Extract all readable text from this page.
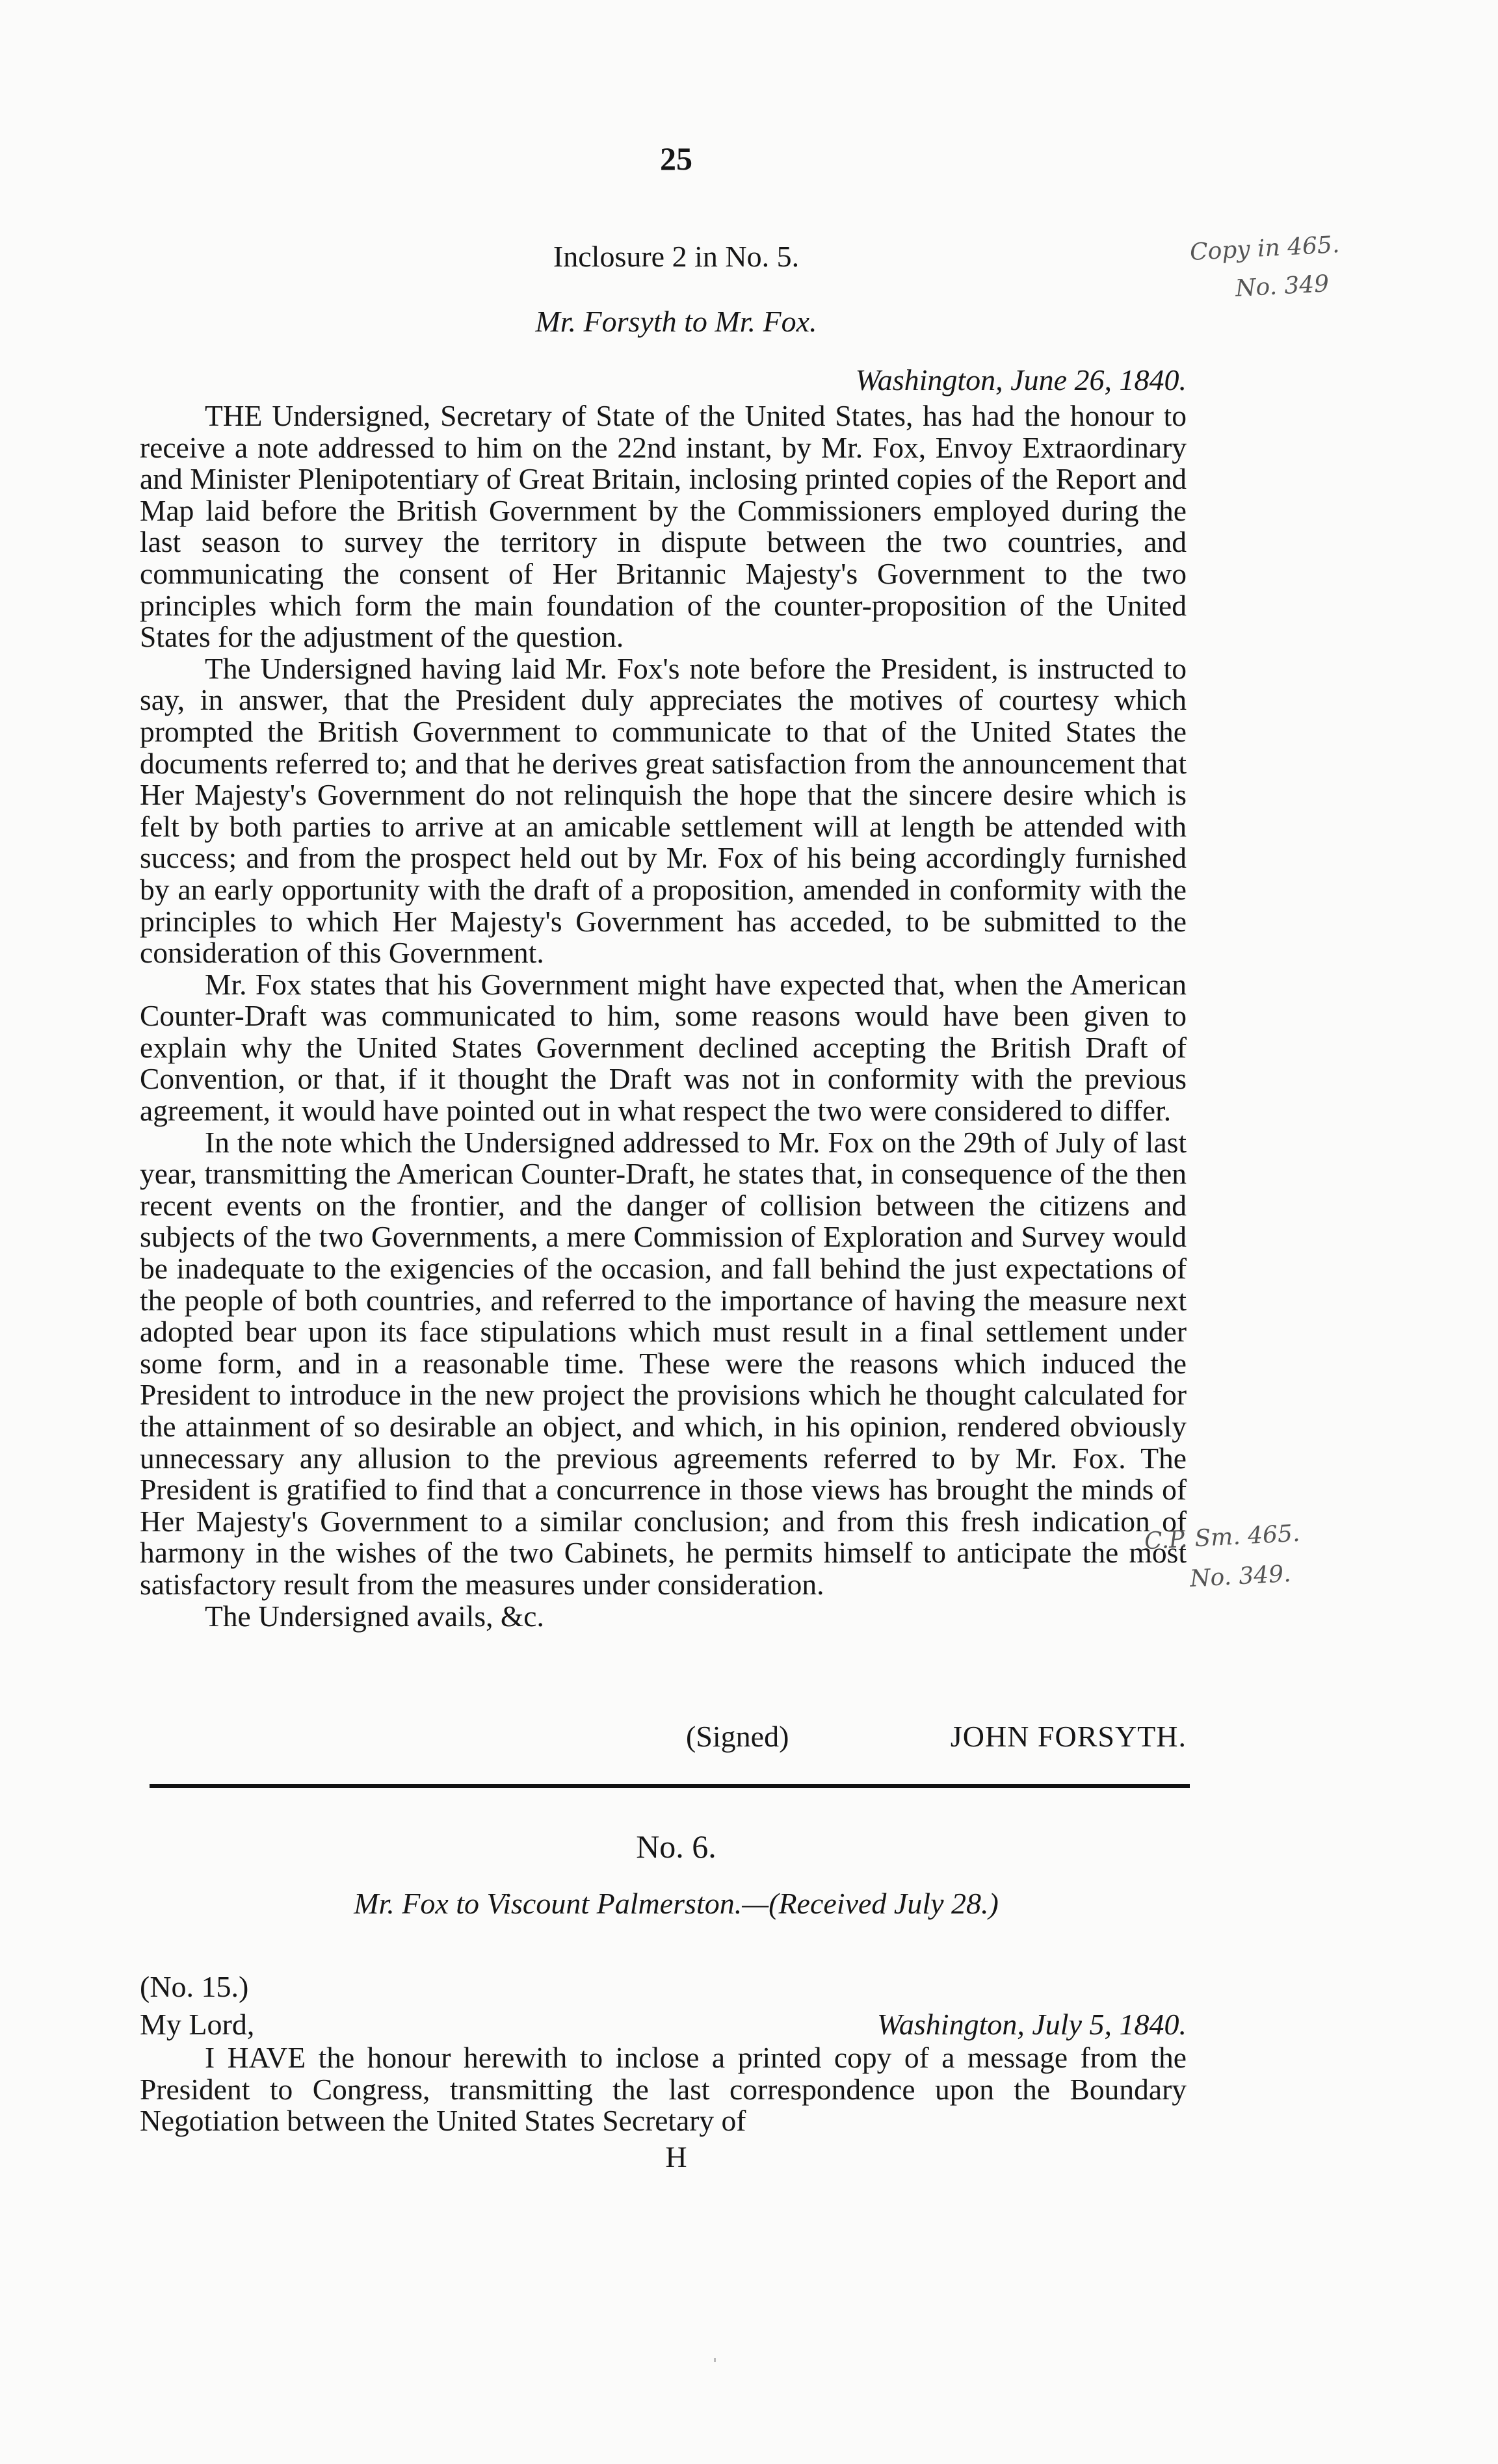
25
Copy in 465.
No. 349
Inclosure 2 in No. 5.
Mr. Forsyth to Mr. Fox.
Washington, June 26, 1840.

THE Undersigned, Secretary of State of the United States, has had the honour to receive a note addressed to him on the 22nd instant, by Mr. Fox, Envoy Extraordinary and Minister Plenipotentiary of Great Britain, inclosing printed copies of the Report and Map laid before the British Government by the Commissioners employed during the last season to survey the territory in dispute between the two countries, and communicating the consent of Her Britannic Majesty's Government to the two principles which form the main foundation of the counter-proposition of the United States for the adjustment of the question.

The Undersigned having laid Mr. Fox's note before the President, is instructed to say, in answer, that the President duly appreciates the motives of courtesy which prompted the British Government to communicate to that of the United States the documents referred to; and that he derives great satisfaction from the announcement that Her Majesty's Government do not relinquish the hope that the sincere desire which is felt by both parties to arrive at an amicable settlement will at length be attended with success; and from the prospect held out by Mr. Fox of his being accordingly furnished by an early opportunity with the draft of a proposition, amended in conformity with the principles to which Her Majesty's Government has acceded, to be submitted to the consideration of this Government.

Mr. Fox states that his Government might have expected that, when the American Counter-Draft was communicated to him, some reasons would have been given to explain why the United States Government declined accepting the British Draft of Convention, or that, if it thought the Draft was not in conformity with the previous agreement, it would have pointed out in what respect the two were considered to differ.

In the note which the Undersigned addressed to Mr. Fox on the 29th of July of last year, transmitting the American Counter-Draft, he states that, in consequence of the then recent events on the frontier, and the danger of collision between the citizens and subjects of the two Governments, a mere Commission of Exploration and Survey would be inadequate to the exigencies of the occasion, and fall behind the just expectations of the people of both countries, and referred to the importance of having the measure next adopted bear upon its face stipulations which must result in a final settlement under some form, and in a reasonable time. These were the reasons which induced the President to introduce in the new project the provisions which he thought calculated for the attainment of so desirable an object, and which, in his opinion, rendered obviously unnecessary any allusion to the previous agreements referred to by Mr. Fox. The President is gratified to find that a concurrence in those views has brought the minds of Her Majesty's Government to a similar conclusion; and from this fresh indication of harmony in the wishes of the two Cabinets, he permits himself to anticipate the most satisfactory result from the measures under consideration.

The Undersigned avails, &c.

(Signed)	JOHN FORSYTH.
C.P. Sm. 465.
No. 349.
No. 6.
Mr. Fox to Viscount Palmerston.—(Received July 28.)
(No. 15.)
My Lord,	Washington, July 5, 1840.

I HAVE the honour herewith to inclose a printed copy of a message from the President to Congress, transmitting the last correspondence upon the Boundary Negotiation between the United States Secretary of

H
